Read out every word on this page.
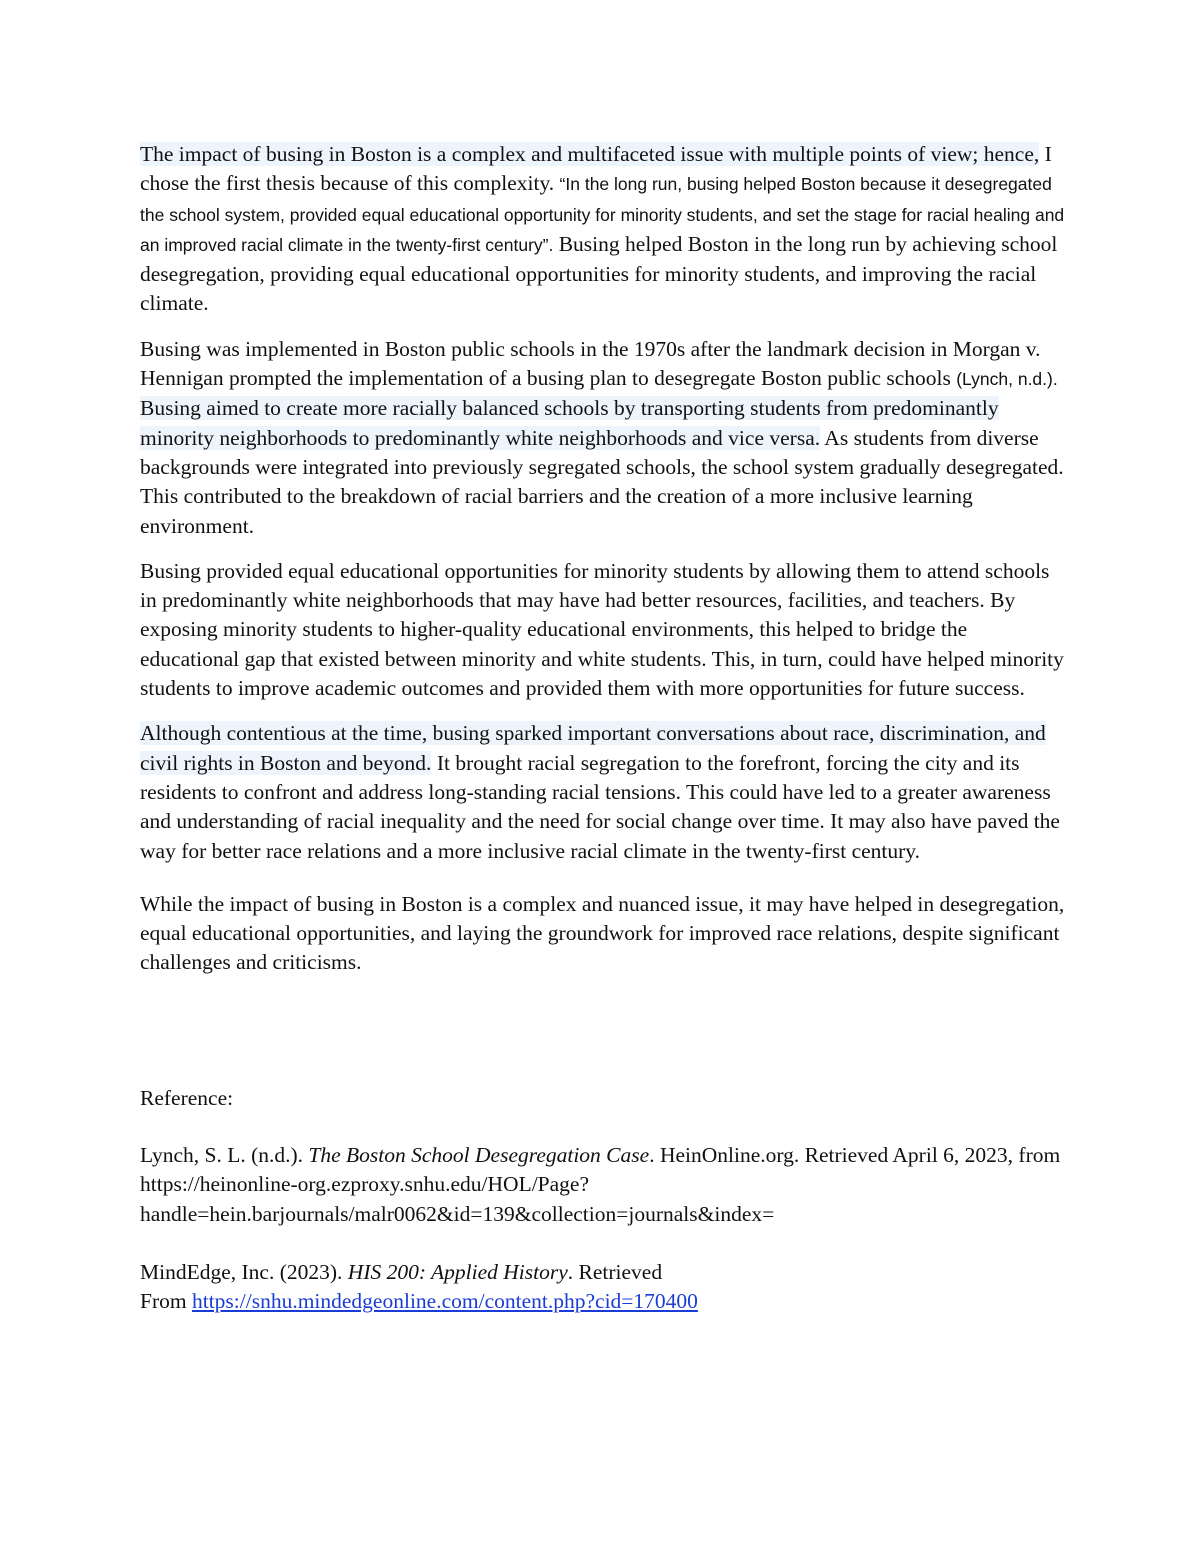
The impact of busing in Boston is a complex and multifaceted issue with multiple points of view; hence, I chose the first thesis because of this complexity. “In the long run, busing helped Boston because it desegregated the school system, provided equal educational opportunity for minority students, and set the stage for racial healing and an improved racial climate in the twenty-first century”. Busing helped Boston in the long run by achieving school desegregation, providing equal educational opportunities for minority students, and improving the racial climate.

Busing was implemented in Boston public schools in the 1970s after the landmark decision in Morgan v. Hennigan prompted the implementation of a busing plan to desegregate Boston public schools (Lynch, n.d.). Busing aimed to create more racially balanced schools by transporting students from predominantly minority neighborhoods to predominantly white neighborhoods and vice versa. As students from diverse backgrounds were integrated into previously segregated schools, the school system gradually desegregated. This contributed to the breakdown of racial barriers and the creation of a more inclusive learning environment.

Busing provided equal educational opportunities for minority students by allowing them to attend schools in predominantly white neighborhoods that may have had better resources, facilities, and teachers. By exposing minority students to higher-quality educational environments, this helped to bridge the educational gap that existed between minority and white students. This, in turn, could have helped minority students to improve academic outcomes and provided them with more opportunities for future success.

Although contentious at the time, busing sparked important conversations about race, discrimination, and civil rights in Boston and beyond. It brought racial segregation to the forefront, forcing the city and its residents to confront and address long-standing racial tensions. This could have led to a greater awareness and understanding of racial inequality and the need for social change over time. It may also have paved the way for better race relations and a more inclusive racial climate in the twenty-first century.

While the impact of busing in Boston is a complex and nuanced issue, it may have helped in desegregation, equal educational opportunities, and laying the groundwork for improved race relations, despite significant challenges and criticisms.

Reference:

Lynch, S. L. (n.d.). The Boston School Desegregation Case. HeinOnline.org. Retrieved April 6, 2023, from https://heinonline-org.ezproxy.snhu.edu/HOL/Page?
handle=hein.barjournals/malr0062&id=139&collection=journals&index=

MindEdge, Inc. (2023). HIS 200: Applied History. Retrieved
From https://snhu.mindedgeonline.com/content.php?cid=170400
